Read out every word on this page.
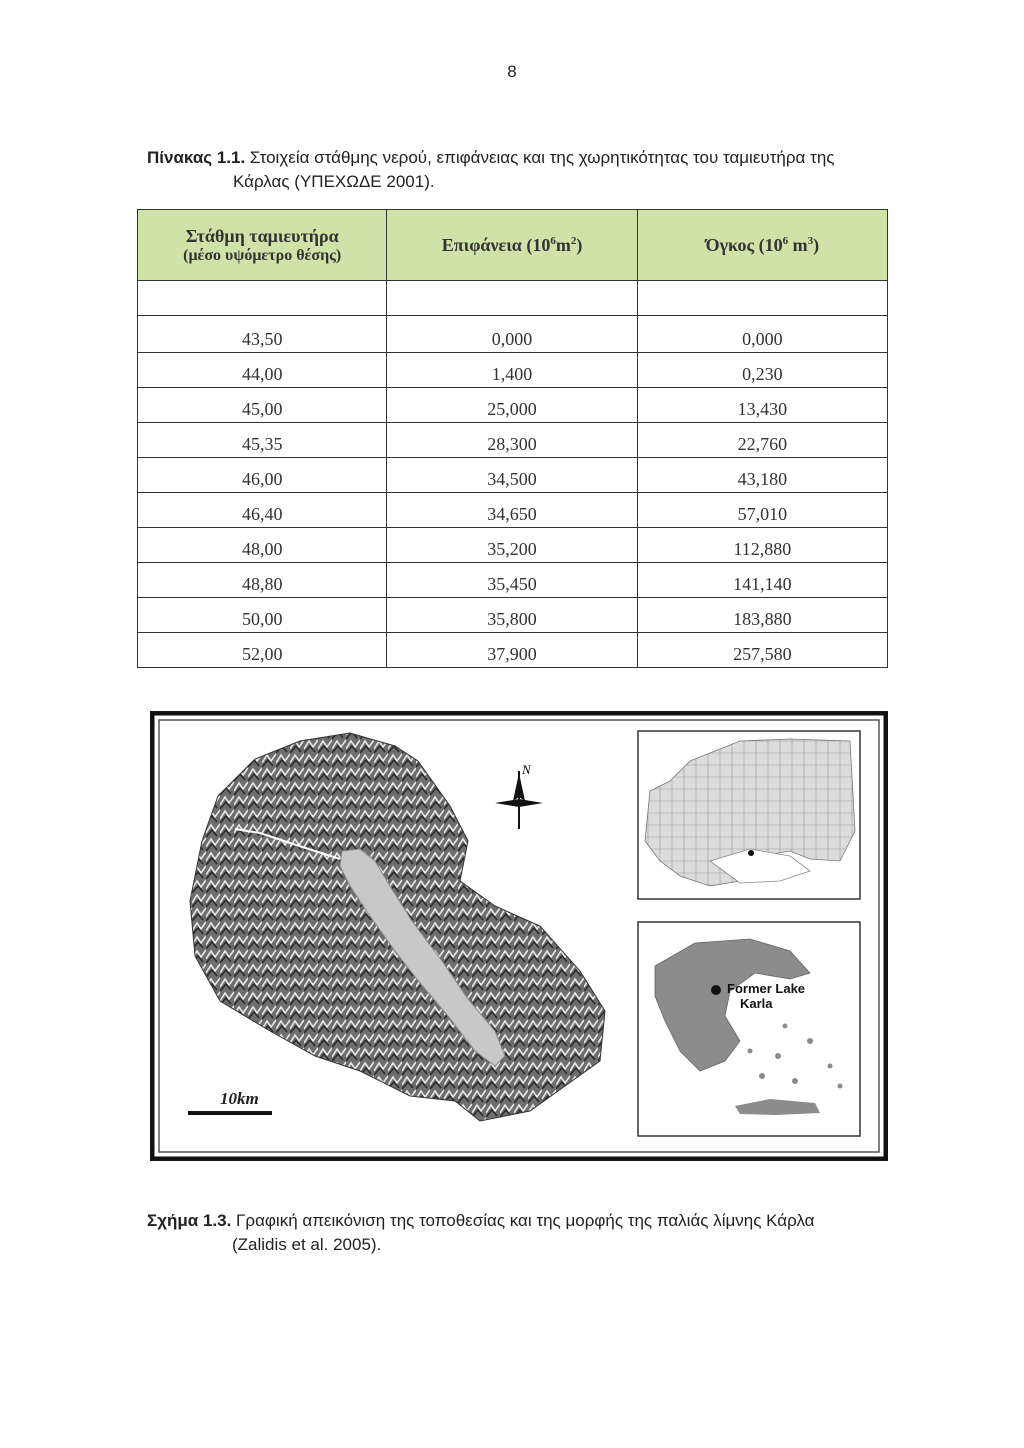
8
Πίνακας 1.1. Στοιχεία στάθμης νερού, επιφάνειας και της χωρητικότητας του ταμιευτήρα της
Κάρλας (ΥΠΕΧΩΔΕ 2001).
Στάθμη ταμιευτήρα
(μέσο υψόμετρο θέσης)	Επιφάνεια $(10^6m^2)$	Όγκος ($10^6$ $m^3$)

43,50	0,000	0,000
44,00	1,400	0,230
45,00	25,000	13,430
45,35	28,300	22,760
46,00	34,500	43,180
46,40	34,650	57,010
48,00	35,200	112,880
48,80	35,450	141,140
50,00	35,800	183,880
52,00	37,900	257,580
N
10km
Former Lake
Karla
Σχήμα 1.3. Γραφική απεικόνιση της τοποθεσίας και της μορφής της παλιάς λίμνης Κάρλα
(Zalidis et al. 2005).
